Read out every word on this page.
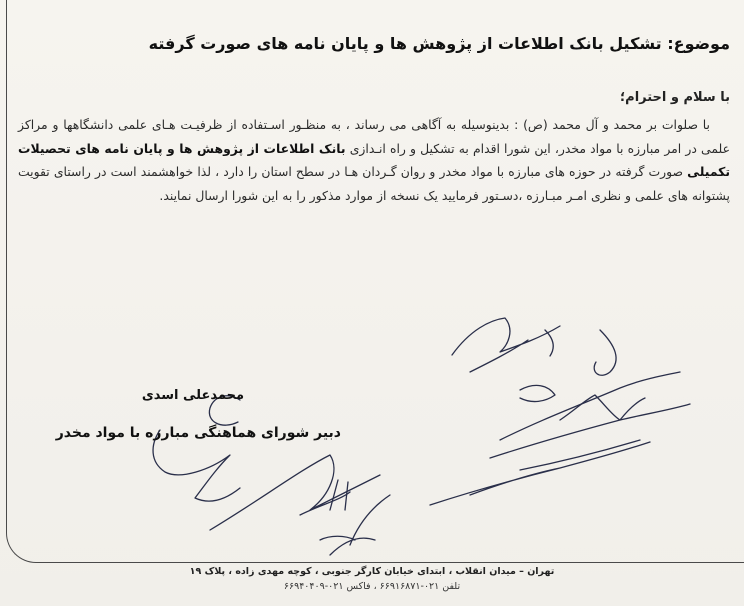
موضوع: تشکیل بانک اطلاعات از پژوهش ها و پایان نامه های صورت گرفته
با سلام و احترام؛

با صلوات بر محمد و آل محمد (ص) : بدینوسیله به آگاهی می رساند ، به منظـور اسـتفاده از ظرفیـت هـای علمی دانشگاهها و مراکز علمی در امر مبارزه با مواد مخدر، این شورا اقدام به تشکیل و راه انـدازی بانک اطلاعات از پژوهش ها و پایان نامه های تحصیلات تکمیلی صورت گرفته در حوزه های مبارزه با مواد مخدر و روان گـردان هـا در سطح استان را دارد ، لذا خواهشمند است در راستای تقویت پشتوانه های علمی و نظری امـر مبـارزه ،دسـتور فرمایید یک نسخه از موارد مذکور را به این شورا ارسال نمایند.

محمدعلی اسدی
دبیر شورای هماهنگی مبارزه با مواد مخدر
تهران – میدان انقلاب ، ابتدای خیابان کارگر جنوبی ، کوچه مهدی زاده ، پلاک ۱۹
تلفن ۰۲۱-۶۶۹۱۶۸۷۱ ، فاکس ۰۲۱-۶۶۹۴۰۴۰۹
